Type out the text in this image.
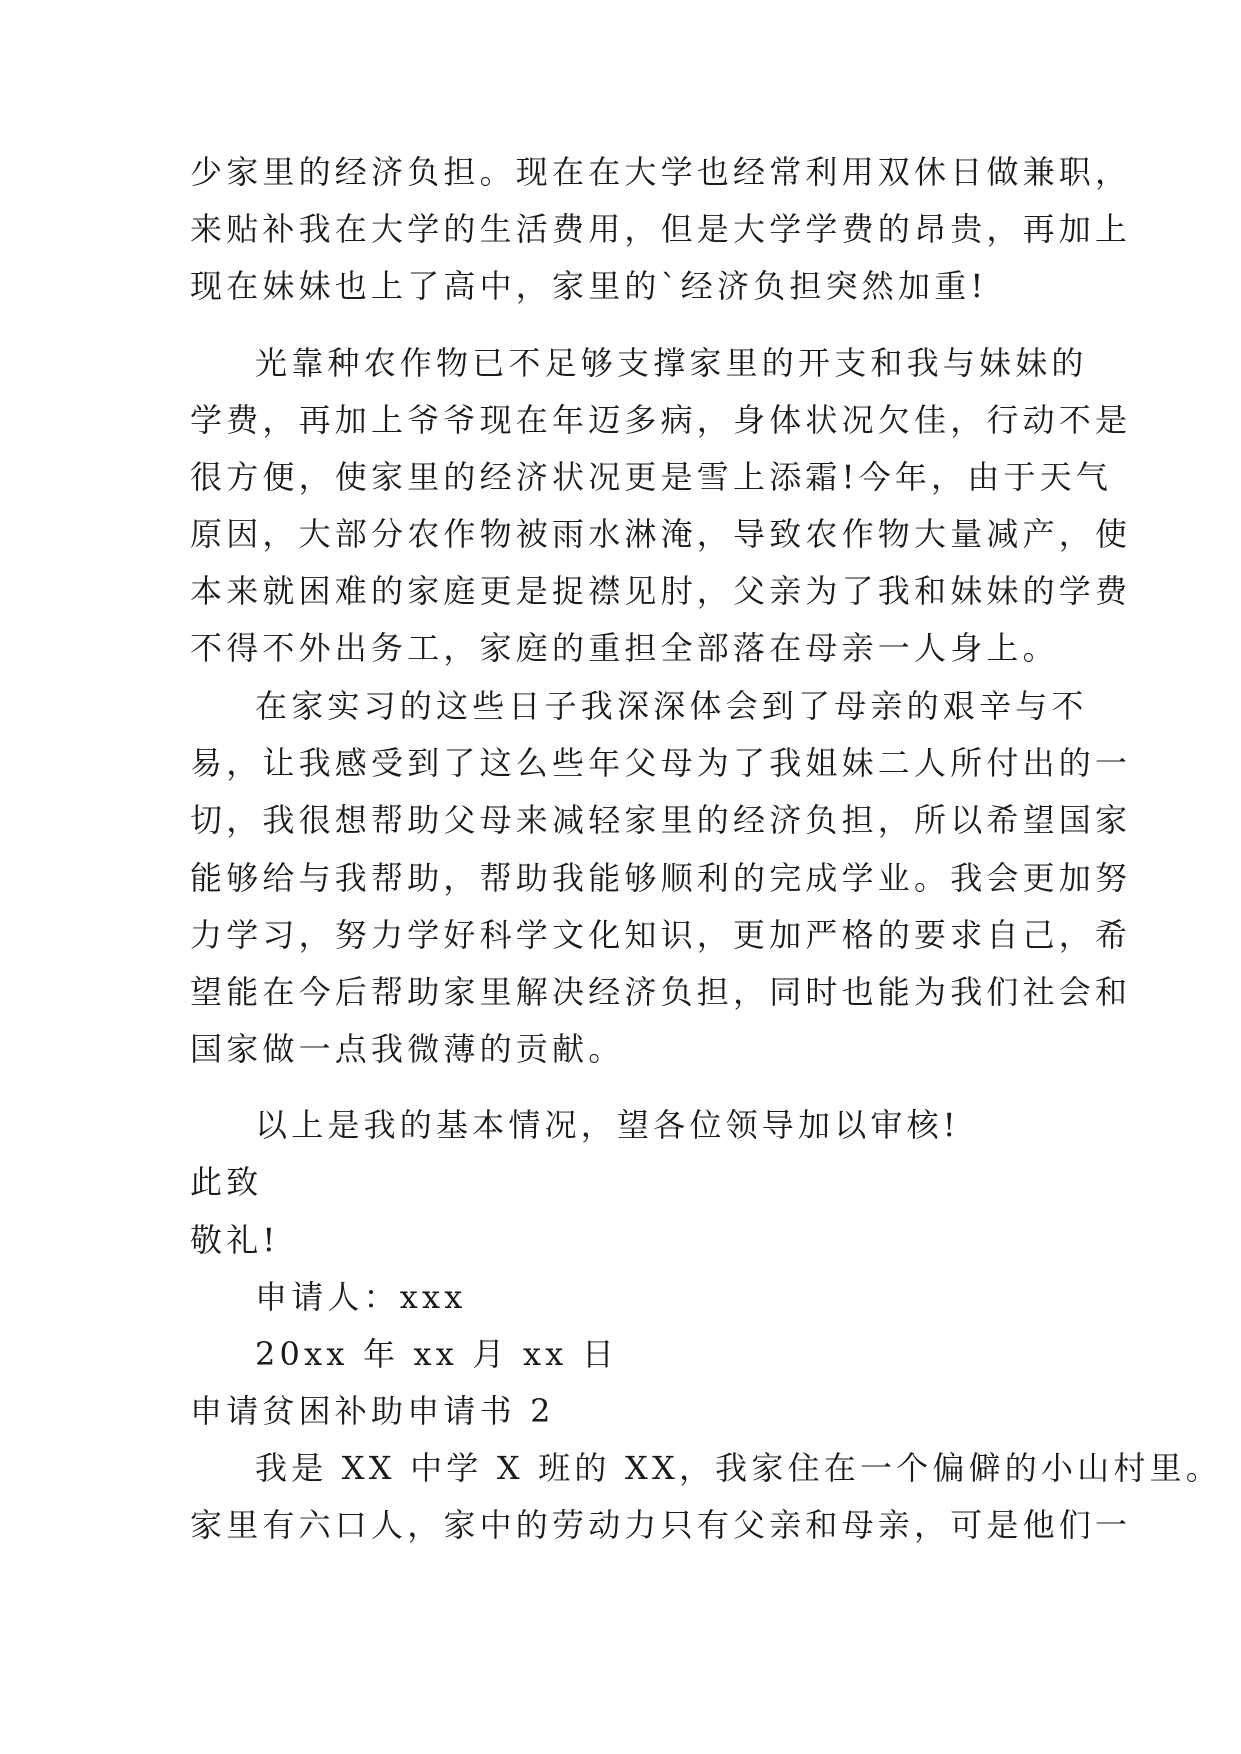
少家里的经济负担。现在在大学也经常利用双休日做兼职，
来贴补我在大学的生活费用，但是大学学费的昂贵，再加上
现在妹妹也上了高中，家里的`经济负担突然加重!
光靠种农作物已不足够支撑家里的开支和我与妹妹的
学费，再加上爷爷现在年迈多病，身体状况欠佳，行动不是
很方便，使家里的经济状况更是雪上添霜!今年，由于天气
原因，大部分农作物被雨水淋淹，导致农作物大量减产，使
本来就困难的家庭更是捉襟见肘，父亲为了我和妹妹的学费
不得不外出务工，家庭的重担全部落在母亲一人身上。
在家实习的这些日子我深深体会到了母亲的艰辛与不
易，让我感受到了这么些年父母为了我姐妹二人所付出的一
切，我很想帮助父母来减轻家里的经济负担，所以希望国家
能够给与我帮助，帮助我能够顺利的完成学业。我会更加努
力学习，努力学好科学文化知识，更加严格的要求自己，希
望能在今后帮助家里解决经济负担，同时也能为我们社会和
国家做一点我微薄的贡献。
以上是我的基本情况，望各位领导加以审核!
此致
敬礼!
申请人：xxx
20xx 年 xx 月 xx 日
申请贫困补助申请书 2
我是 XX 中学 X 班的 XX，我家住在一个偏僻的小山村里。
家里有六口人，家中的劳动力只有父亲和母亲，可是他们一
